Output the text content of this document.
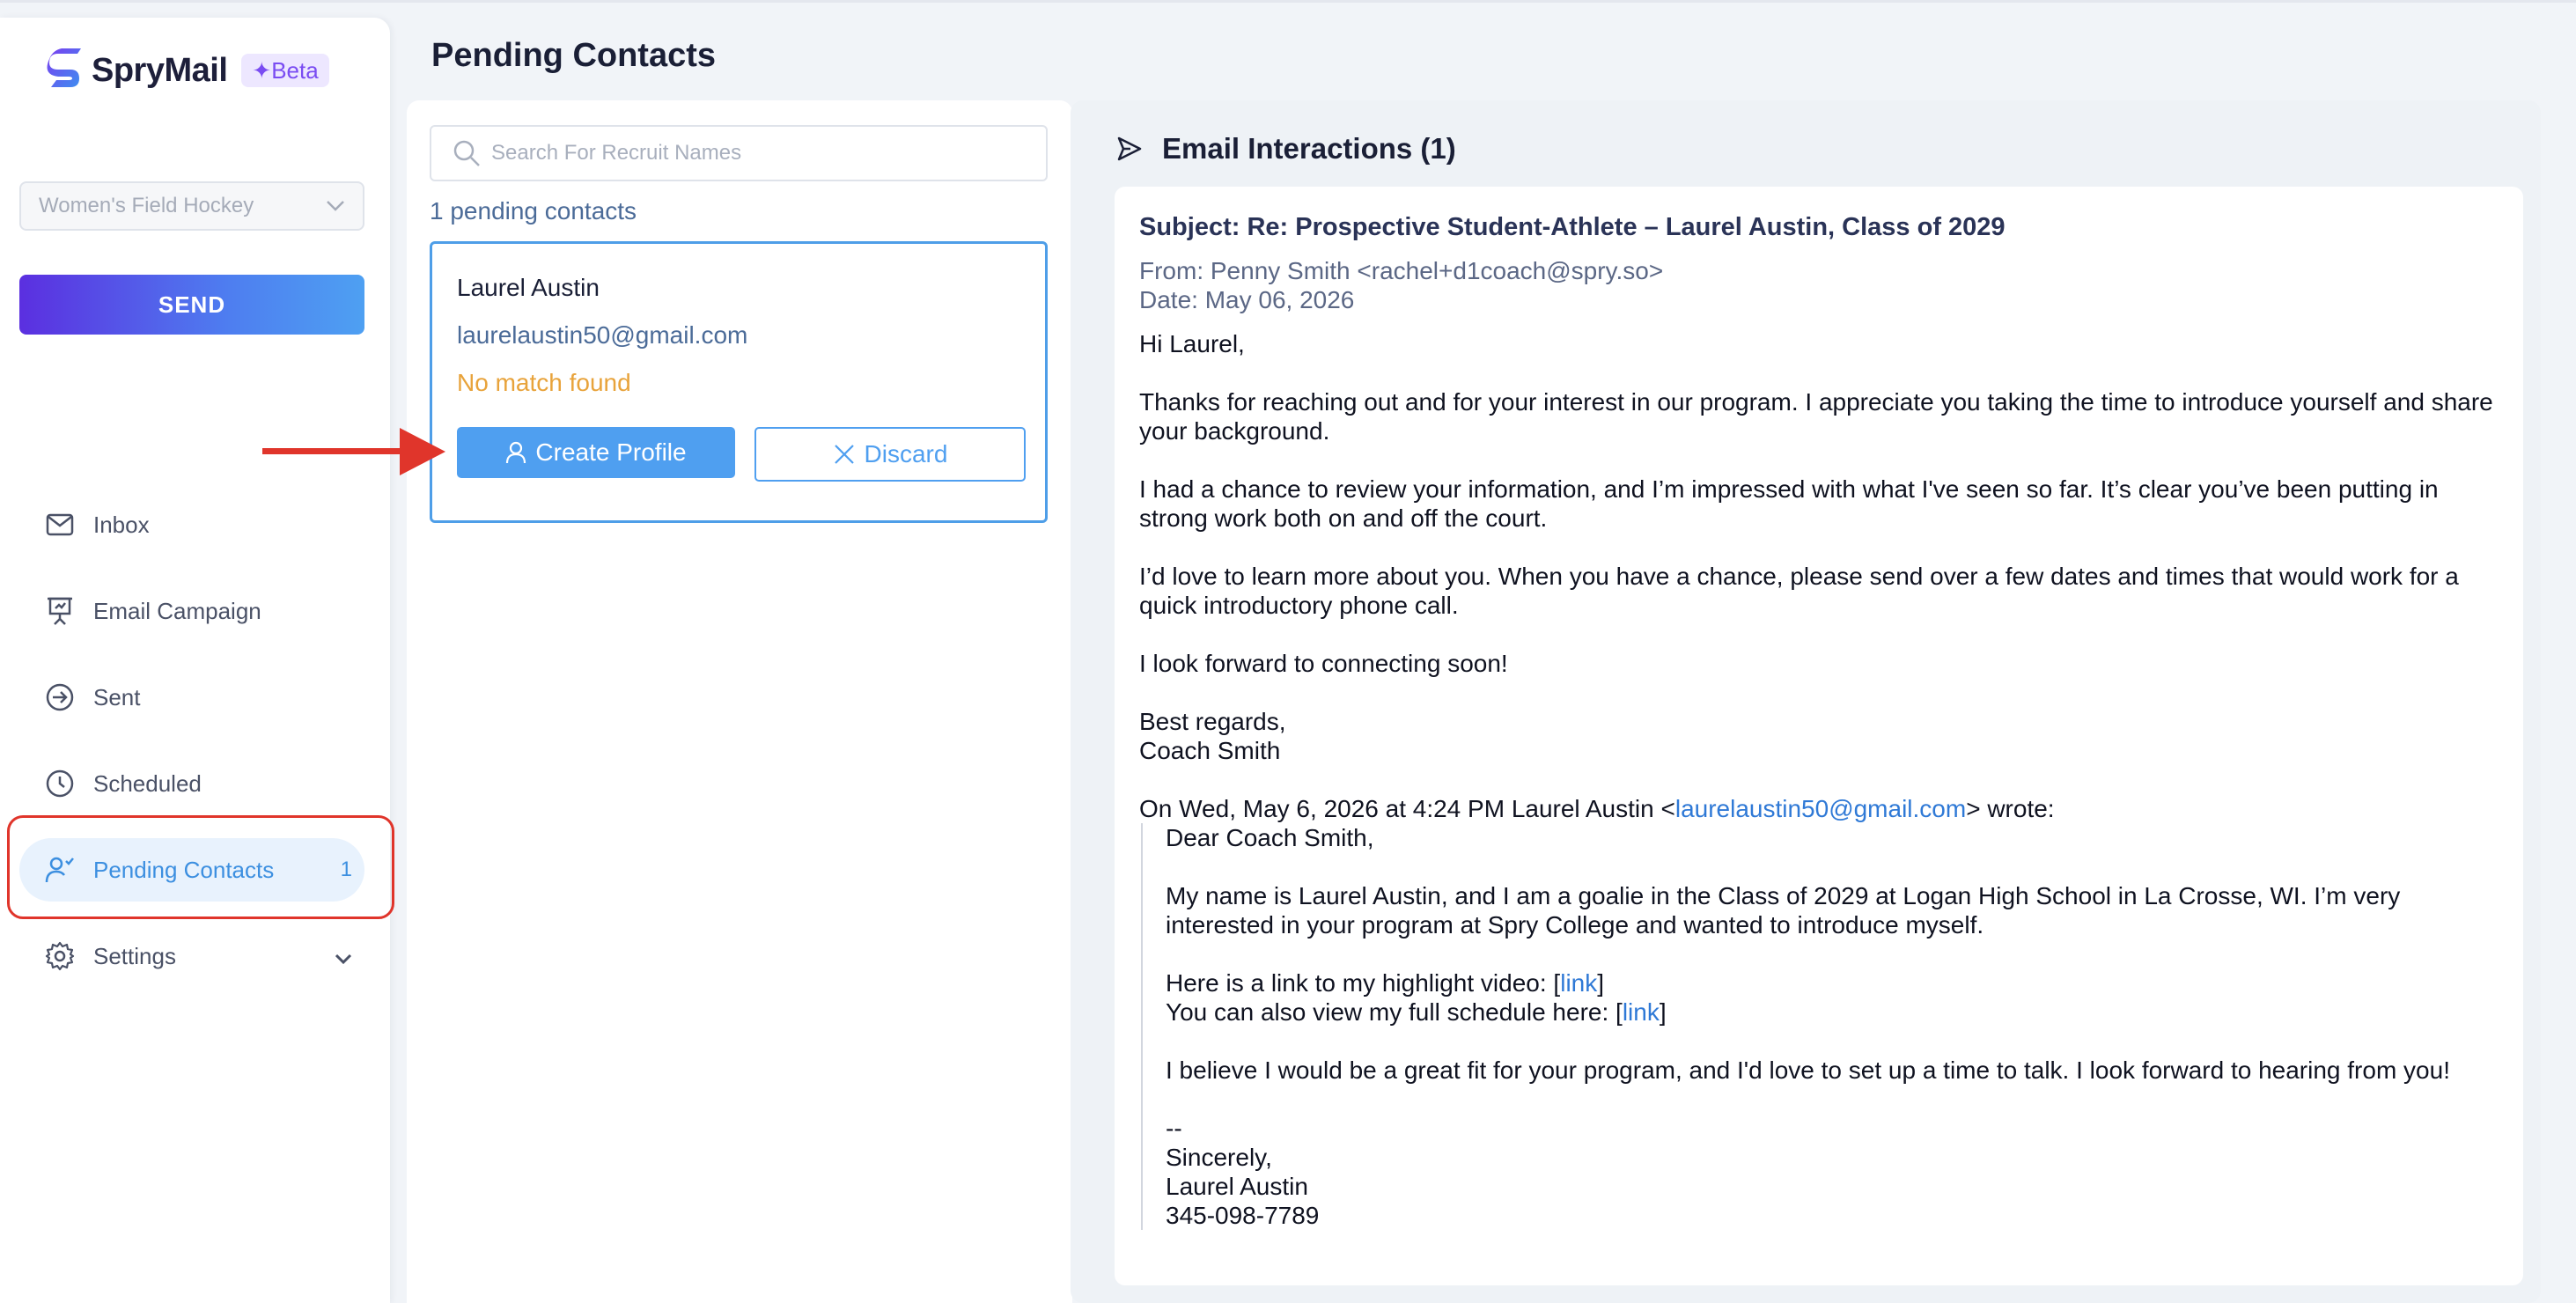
SpryMail ✦ Beta
Women's Field Hockey
SEND
Inbox
Email Campaign
Sent
Scheduled
Pending Contacts	1
Settings
Pending Contacts
Search For Recruit Names
1 pending contacts
Laurel Austin
laurelaustin50@gmail.com
No match found
Create Profile	Discard
Email Interactions (1)
Subject: Re: Prospective Student-Athlete – Laurel Austin, Class of 2029
From: Penny Smith <rachel+d1coach@spry.so>
Date: May 06, 2026
Hi Laurel,
Thanks for reaching out and for your interest in our program. I appreciate you taking the time to introduce yourself and share your background.
I had a chance to review your information, and I’m impressed with what I've seen so far. It’s clear you’ve been putting in strong work both on and off the court.
I’d love to learn more about you. When you have a chance, please send over a few dates and times that would work for a quick introductory phone call.
I look forward to connecting soon!
Best regards,
Coach Smith
On Wed, May 6, 2026 at 4:24 PM Laurel Austin <laurelaustin50@gmail.com> wrote:
Dear Coach Smith,
My name is Laurel Austin, and I am a goalie in the Class of 2029 at Logan High School in La Crosse, WI. I’m very interested in your program at Spry College and wanted to introduce myself.
Here is a link to my highlight video: [link]
You can also view my full schedule here: [link]
I believe I would be a great fit for your program, and I'd love to set up a time to talk. I look forward to hearing from you!
--
Sincerely,
Laurel Austin
345-098-7789
